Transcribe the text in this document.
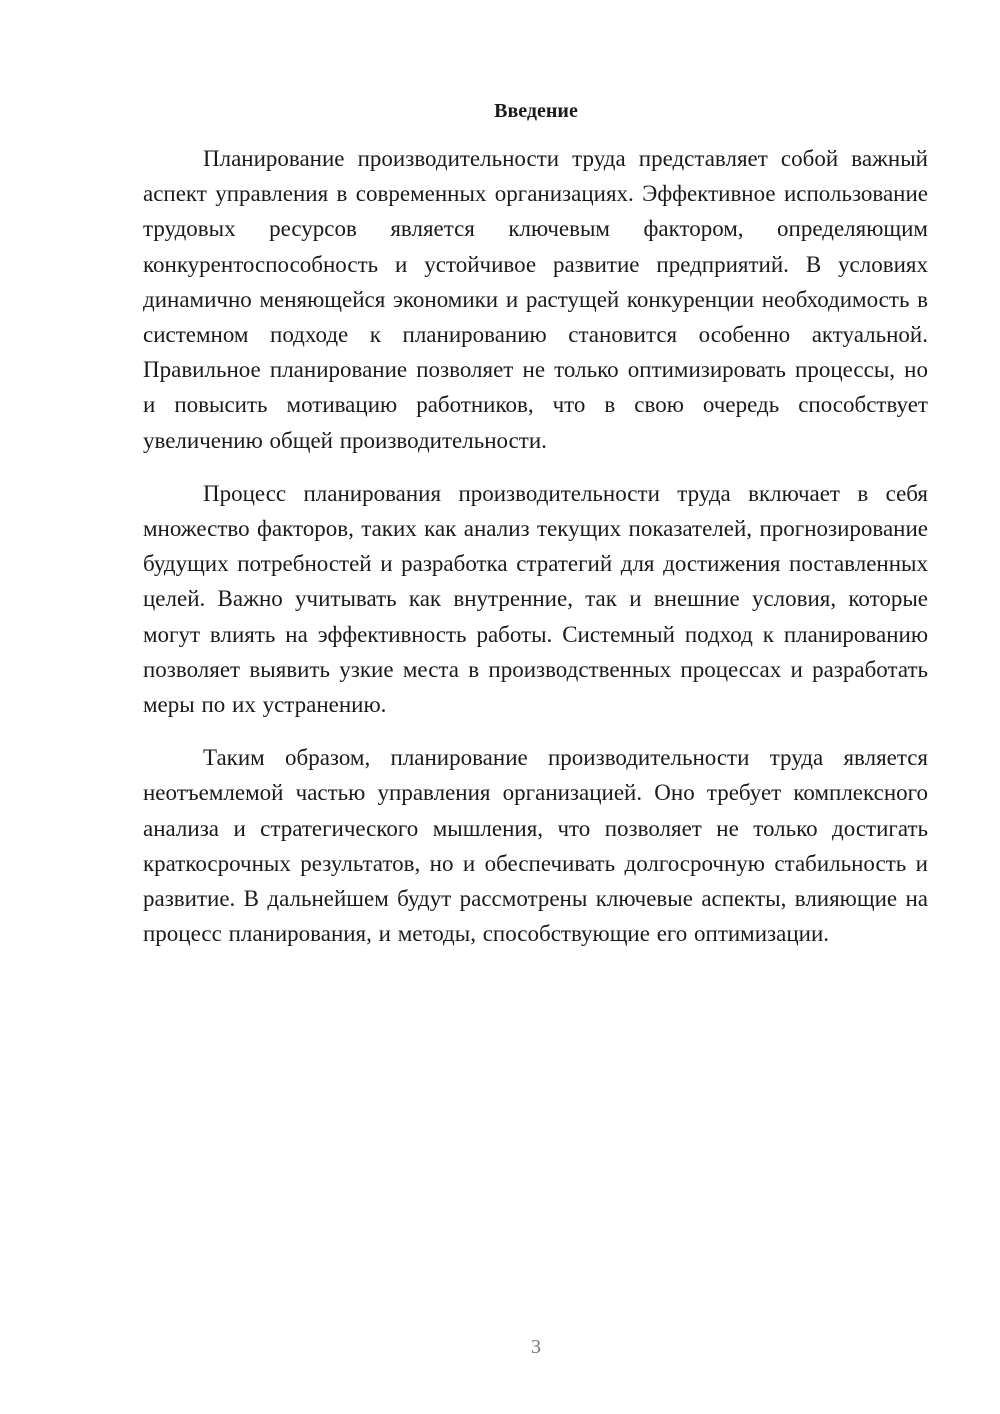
Введение

Планирование производительности труда представляет собой важный аспект управления в современных организациях. Эффективное использование трудовых ресурсов является ключевым фактором, определяющим конкурентоспособность и устойчивое развитие предприятий. В условиях динамично меняющейся экономики и растущей конкуренции необходимость в системном подходе к планированию становится особенно актуальной. Правильное планирование позволяет не только оптимизировать процессы, но и повысить мотивацию работников, что в свою очередь способствует увеличению общей производительности.

Процесс планирования производительности труда включает в себя множество факторов, таких как анализ текущих показателей, прогнозирование будущих потребностей и разработка стратегий для достижения поставленных целей. Важно учитывать как внутренние, так и внешние условия, которые могут влиять на эффективность работы. Системный подход к планированию позволяет выявить узкие места в производственных процессах и разработать меры по их устранению.

Таким образом, планирование производительности труда является неотъемлемой частью управления организацией. Оно требует комплексного анализа и стратегического мышления, что позволяет не только достигать краткосрочных результатов, но и обеспечивать долгосрочную стабильность и развитие. В дальнейшем будут рассмотрены ключевые аспекты, влияющие на процесс планирования, и методы, способствующие его оптимизации.

3
